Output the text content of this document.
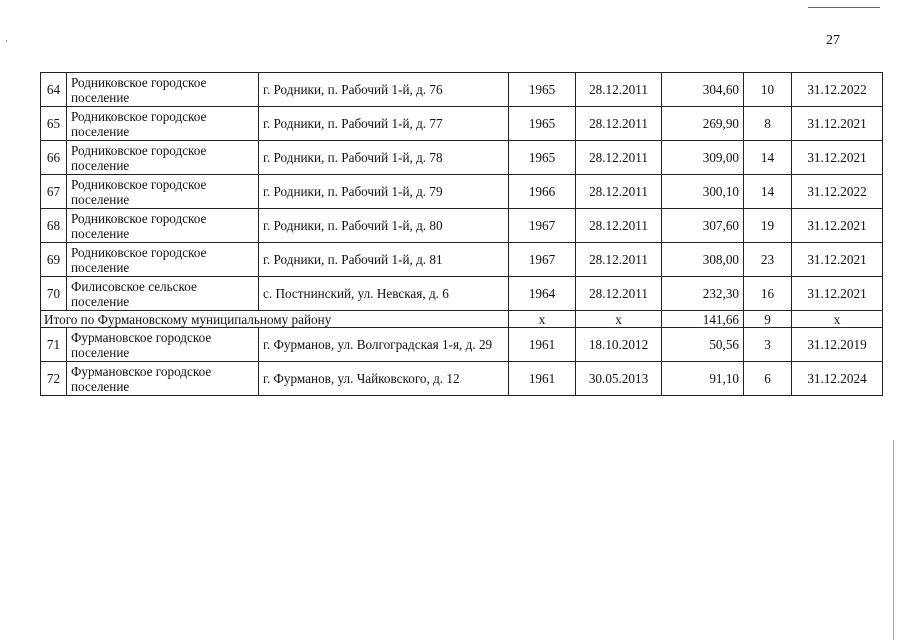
27
64	Родниковское городское поселение	г. Родники, п. Рабочий 1-й, д. 76	1965	28.12.2011	304,60	10	31.12.2022
65	Родниковское городское поселение	г. Родники, п. Рабочий 1-й, д. 77	1965	28.12.2011	269,90	8	31.12.2021
66	Родниковское городское поселение	г. Родники, п. Рабочий 1-й, д. 78	1965	28.12.2011	309,00	14	31.12.2021
67	Родниковское городское поселение	г. Родники, п. Рабочий 1-й, д. 79	1966	28.12.2011	300,10	14	31.12.2022
68	Родниковское городское поселение	г. Родники, п. Рабочий 1-й, д. 80	1967	28.12.2011	307,60	19	31.12.2021
69	Родниковское городское поселение	г. Родники, п. Рабочий 1-й, д. 81	1967	28.12.2011	308,00	23	31.12.2021
70	Филисовское сельское поселение	с. Постнинский, ул. Невская, д. 6	1964	28.12.2011	232,30	16	31.12.2021
Итого по Фурмановскому муниципальному району			x	x	141,66	9	x
71	Фурмановское городское поселение	г. Фурманов, ул. Волгоградская 1-я, д. 29	1961	18.10.2012	50,56	3	31.12.2019
72	Фурмановское городское поселение	г. Фурманов, ул. Чайковского, д. 12	1961	30.05.2013	91,10	6	31.12.2024
